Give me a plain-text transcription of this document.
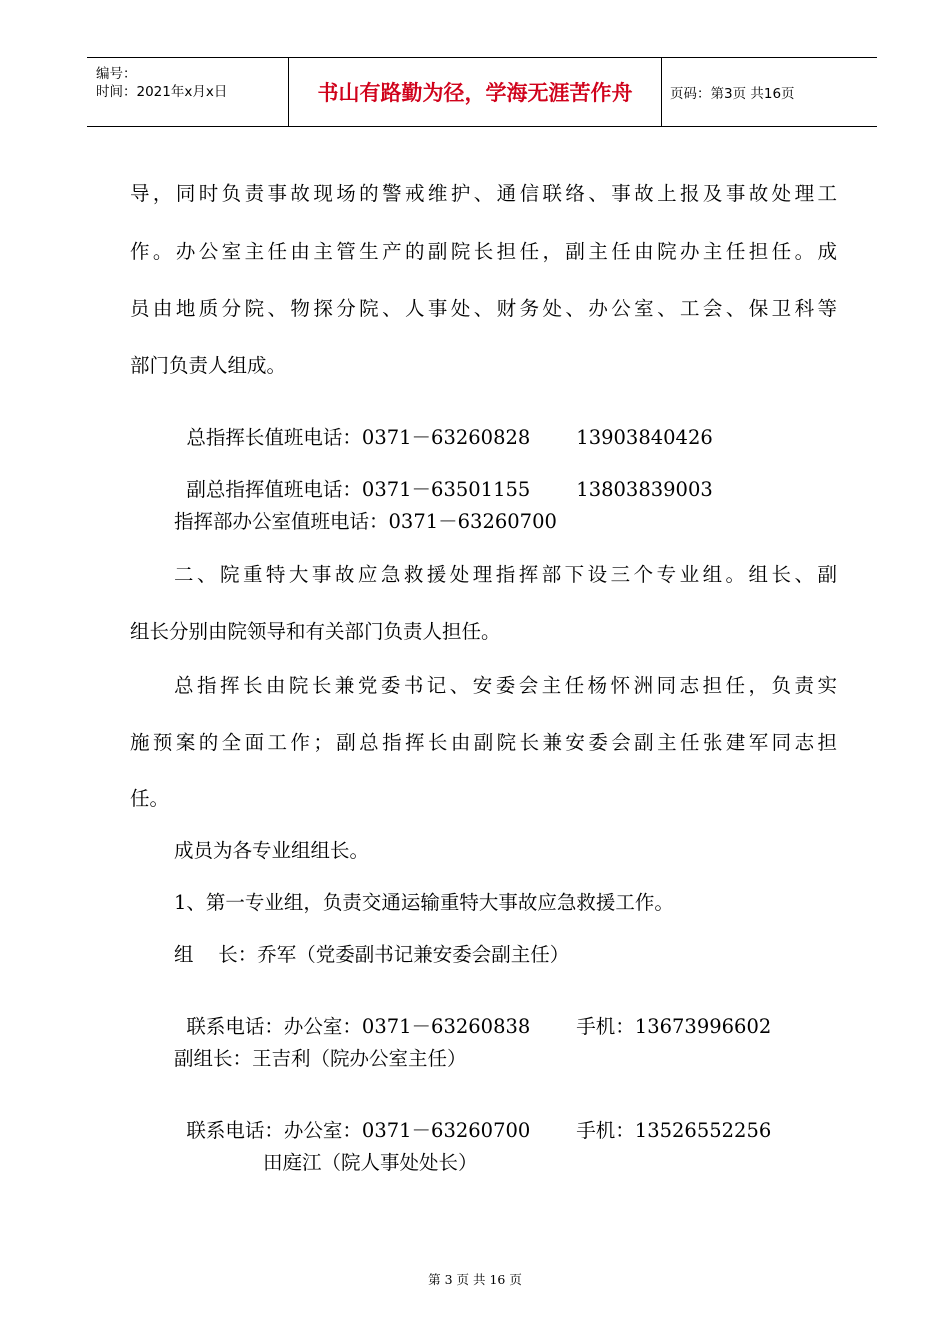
编号：
时间：2021年x月x日	书山有路勤为径，学海无涯苦作舟	页码：第3页 共16页
导，同时负责事故现场的警戒维护、通信联络、事故上报及事故处理工
作。办公室主任由主管生产的副院长担任，副主任由院办主任担任。成
员由地质分院、物探分院、人事处、财务处、办公室、工会、保卫科等
部门负责人组成。

总指挥长值班电话：0371－63260828 13903840426

副总指挥值班电话：0371－63501155 13803839003

指挥部办公室值班电话：0371－63260700
二、院重特大事故应急救援处理指挥部下设三个专业组。组长、副
组长分别由院领导和有关部门负责人担任。
总指挥长由院长兼党委书记、安委会主任杨怀洲同志担任，负责实
施预案的全面工作；副总指挥长由副院长兼安委会副主任张建军同志担
任。
成员为各专业组组长。
1、第一专业组，负责交通运输重特大事故应急救援工作。
组    长：乔军（党委副书记兼安委会副主任）

联系电话：办公室：0371－63260838 手机：13673996602

副组长：王吉利（院办公室主任）

联系电话：办公室：0371－63260700 手机：13526552256

田庭江（院人事处处长）
第 3 页 共 16 页
